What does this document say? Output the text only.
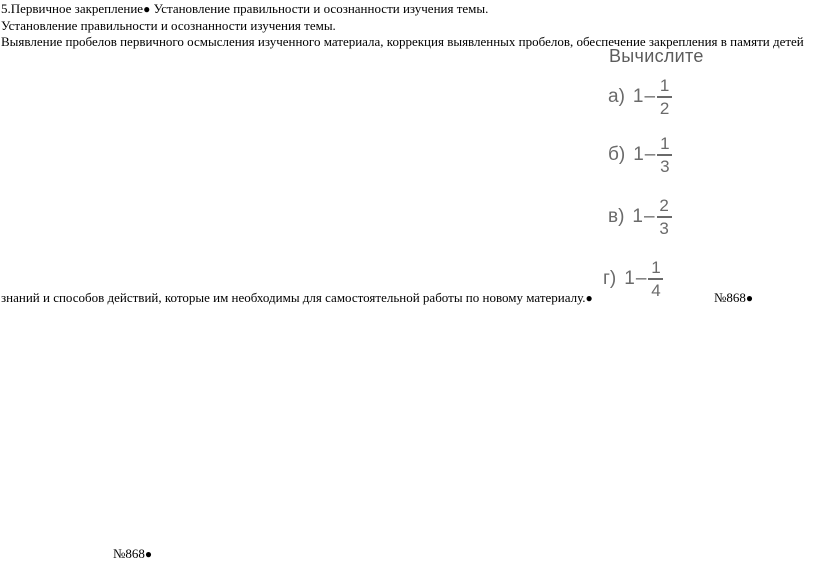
5.Первичное закрепление● Установление правильности и осознанности изучения темы.
Установление правильности и осознанности изучения темы.
Выявление пробелов первичного осмысления изученного материала, коррекция выявленных пробелов, обеспечение закрепления в памяти детей
знаний и способов действий, которые им необходимы для самостоятельной работы по новому материалу.●	№868●
№868●
Вычислите
а) $1 - \frac{1}{2}$
б) $1 - \frac{1}{3}$
в) $1 - \frac{2}{3}$
г) $1 - \frac{1}{4}$
